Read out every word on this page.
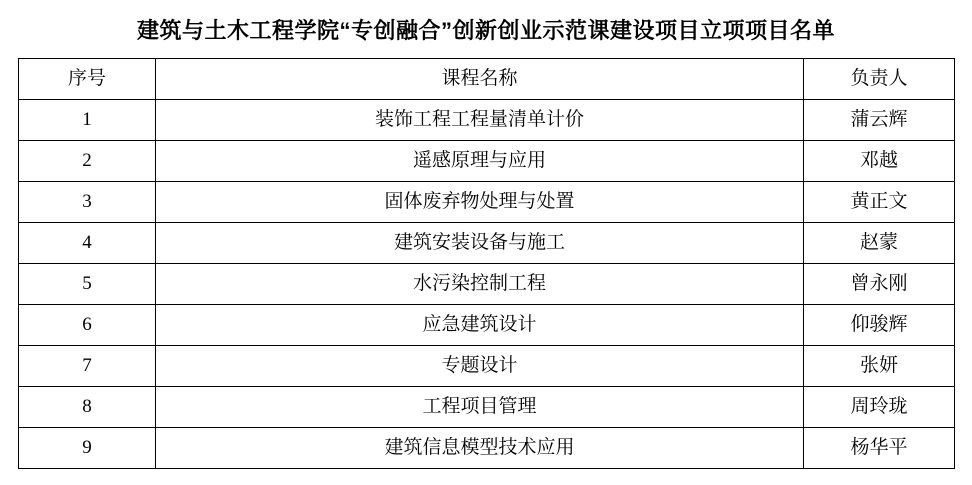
建筑与土木工程学院“专创融合”创新创业示范课建设项目立项项目名单
序号	课程名称	负责人
1	装饰工程工程量清单计价	蒲云辉
2	遥感原理与应用	邓越
3	固体废弃物处理与处置	黄正文
4	建筑安装设备与施工	赵蒙
5	水污染控制工程	曾永刚
6	应急建筑设计	仰骏辉
7	专题设计	张妍
8	工程项目管理	周玲珑
9	建筑信息模型技术应用	杨华平
